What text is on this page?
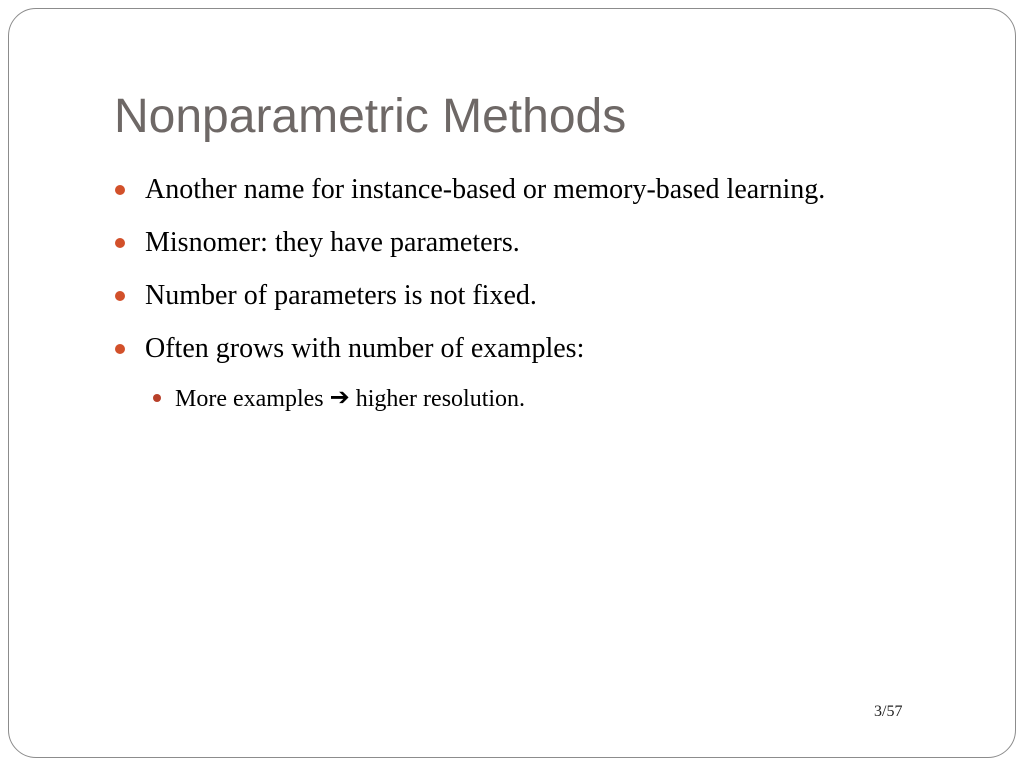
Nonparametric Methods
Another name for instance-based or memory-based learning.
Misnomer: they have parameters.
Number of parameters is not fixed.
Often grows with number of examples:
More examples ➔ higher resolution.
3/57
